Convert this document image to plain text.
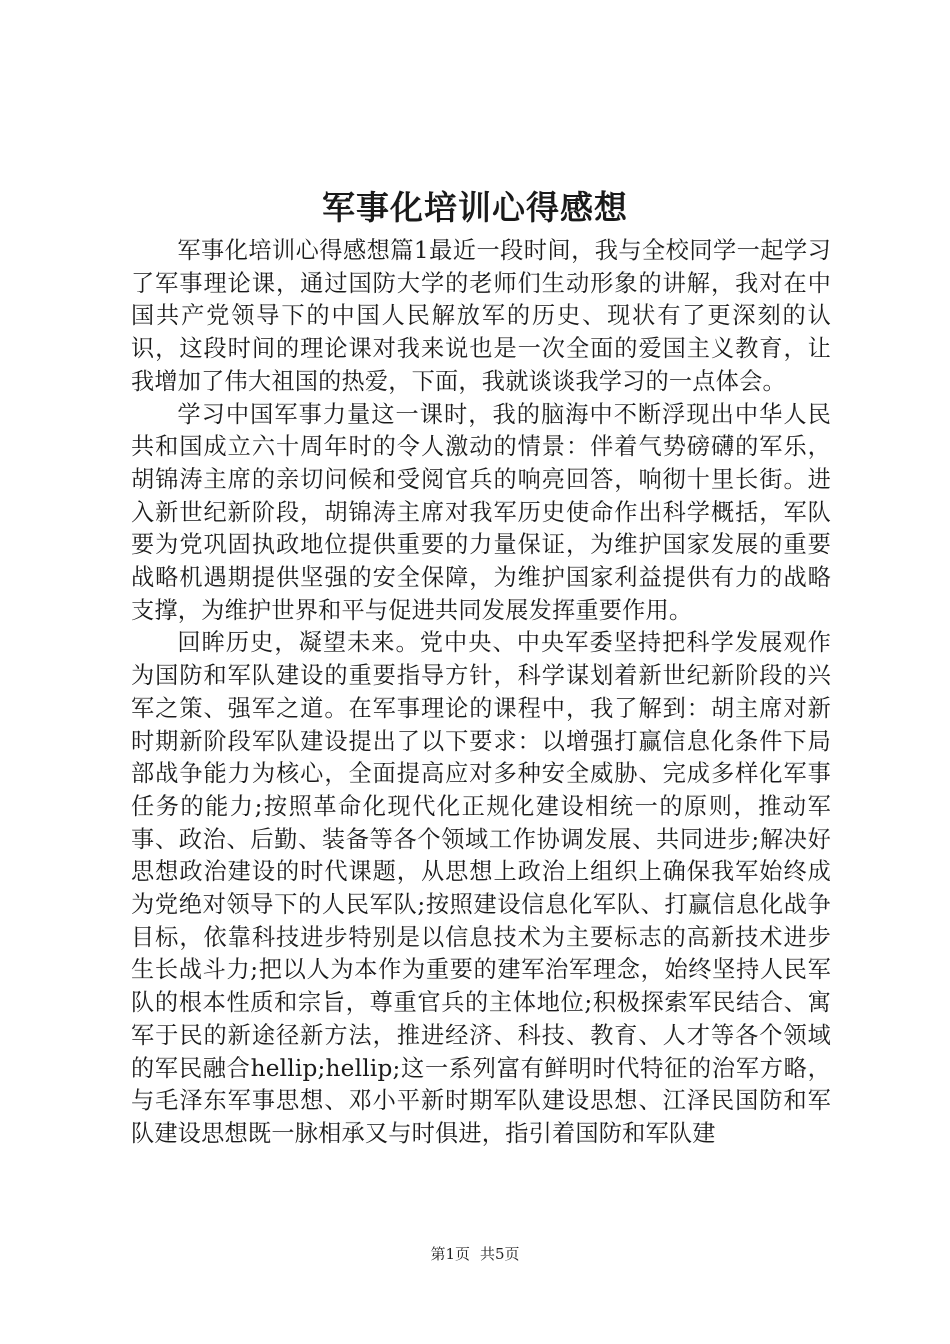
军事化培训心得感想

军事化培训心得感想篇1最近一段时间，我与全校同学一起学习了军事理论课，通过国防大学的老师们生动形象的讲解，我对在中国共产党领导下的中国人民解放军的历史、现状有了更深刻的认识，这段时间的理论课对我来说也是一次全面的爱国主义教育，让我增加了伟大祖国的热爱，下面，我就谈谈我学习的一点体会。

学习中国军事力量这一课时，我的脑海中不断浮现出中华人民共和国成立六十周年时的令人激动的情景：伴着气势磅礴的军乐，胡锦涛主席的亲切问候和受阅官兵的响亮回答，响彻十里长街。进入新世纪新阶段，胡锦涛主席对我军历史使命作出科学概括，军队要为党巩固执政地位提供重要的力量保证，为维护国家发展的重要战略机遇期提供坚强的安全保障，为维护国家利益提供有力的战略支撑，为维护世界和平与促进共同发展发挥重要作用。

回眸历史，凝望未来。党中央、中央军委坚持把科学发展观作为国防和军队建设的重要指导方针，科学谋划着新世纪新阶段的兴军之策、强军之道。在军事理论的课程中，我了解到：胡主席对新时期新阶段军队建设提出了以下要求：以增强打赢信息化条件下局部战争能力为核心，全面提高应对多种安全威胁、完成多样化军事任务的能力;按照革命化现代化正规化建设相统一的原则，推动军事、政治、后勤、装备等各个领域工作协调发展、共同进步;解决好思想政治建设的时代课题，从思想上政治上组织上确保我军始终成为党绝对领导下的人民军队;按照建设信息化军队、打赢信息化战争目标，依靠科技进步特别是以信息技术为主要标志的高新技术进步生长战斗力;把以人为本作为重要的建军治军理念，始终坚持人民军队的根本性质和宗旨，尊重官兵的主体地位;积极探索军民结合、寓军于民的新途径新方法，推进经济、科技、教育、人才等各个领域的军民融合hellip;hellip;这一系列富有鲜明时代特征的治军方略，与毛泽东军事思想、邓小平新时期军队建设思想、江泽民国防和军队建设思想既一脉相承又与时俱进，指引着国防和军队建

第1页 共5页
